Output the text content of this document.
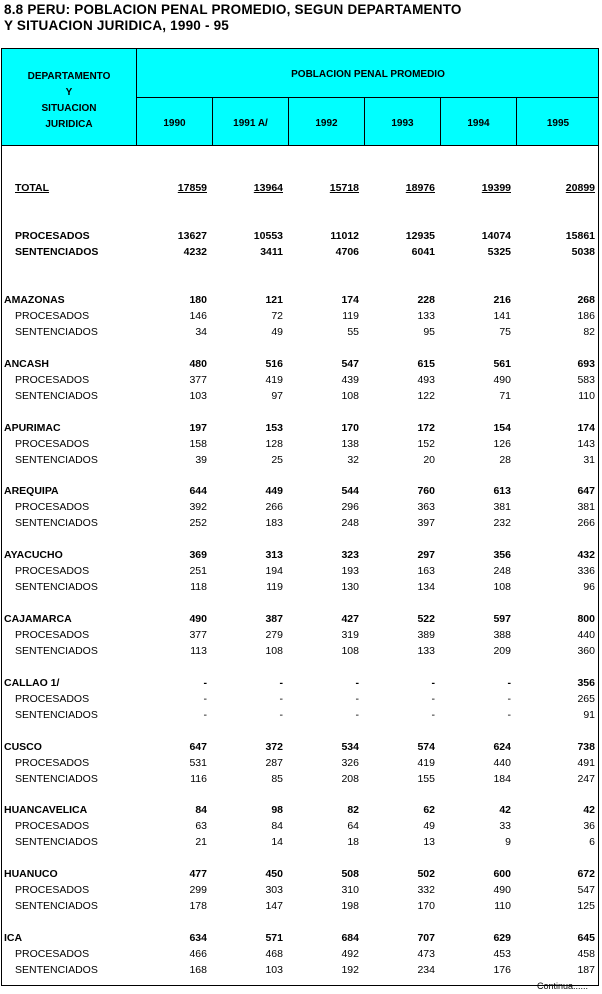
8.8 PERU: POBLACION PENAL PROMEDIO, SEGUN DEPARTAMENTO
Y SITUACION JURIDICA, 1990 - 95
DEPARTAMENTO
Y
SITUACION
JURIDICA
POBLACION PENAL PROMEDIO
1990	1991 A/	1992	1993	1994	1995
TOTAL	17859	13964	15718	18976	19399	20899
PROCESADOS	13627	10553	11012	12935	14074	15861
SENTENCIADOS	4232	3411	4706	6041	5325	5038
AMAZONAS	180	121	174	228	216	268
PROCESADOS	146	72	119	133	141	186
SENTENCIADOS	34	49	55	95	75	82
ANCASH	480	516	547	615	561	693
PROCESADOS	377	419	439	493	490	583
SENTENCIADOS	103	97	108	122	71	110
APURIMAC	197	153	170	172	154	174
PROCESADOS	158	128	138	152	126	143
SENTENCIADOS	39	25	32	20	28	31
AREQUIPA	644	449	544	760	613	647
PROCESADOS	392	266	296	363	381	381
SENTENCIADOS	252	183	248	397	232	266
AYACUCHO	369	313	323	297	356	432
PROCESADOS	251	194	193	163	248	336
SENTENCIADOS	118	119	130	134	108	96
CAJAMARCA	490	387	427	522	597	800
PROCESADOS	377	279	319	389	388	440
SENTENCIADOS	113	108	108	133	209	360
CALLAO 1/	-	-	-	-	-	356
PROCESADOS	-	-	-	-	-	265
SENTENCIADOS	-	-	-	-	-	91
CUSCO	647	372	534	574	624	738
PROCESADOS	531	287	326	419	440	491
SENTENCIADOS	116	85	208	155	184	247
HUANCAVELICA	84	98	82	62	42	42
PROCESADOS	63	84	64	49	33	36
SENTENCIADOS	21	14	18	13	9	6
HUANUCO	477	450	508	502	600	672
PROCESADOS	299	303	310	332	490	547
SENTENCIADOS	178	147	198	170	110	125
ICA	634	571	684	707	629	645
PROCESADOS	466	468	492	473	453	458
SENTENCIADOS	168	103	192	234	176	187
Continua......
